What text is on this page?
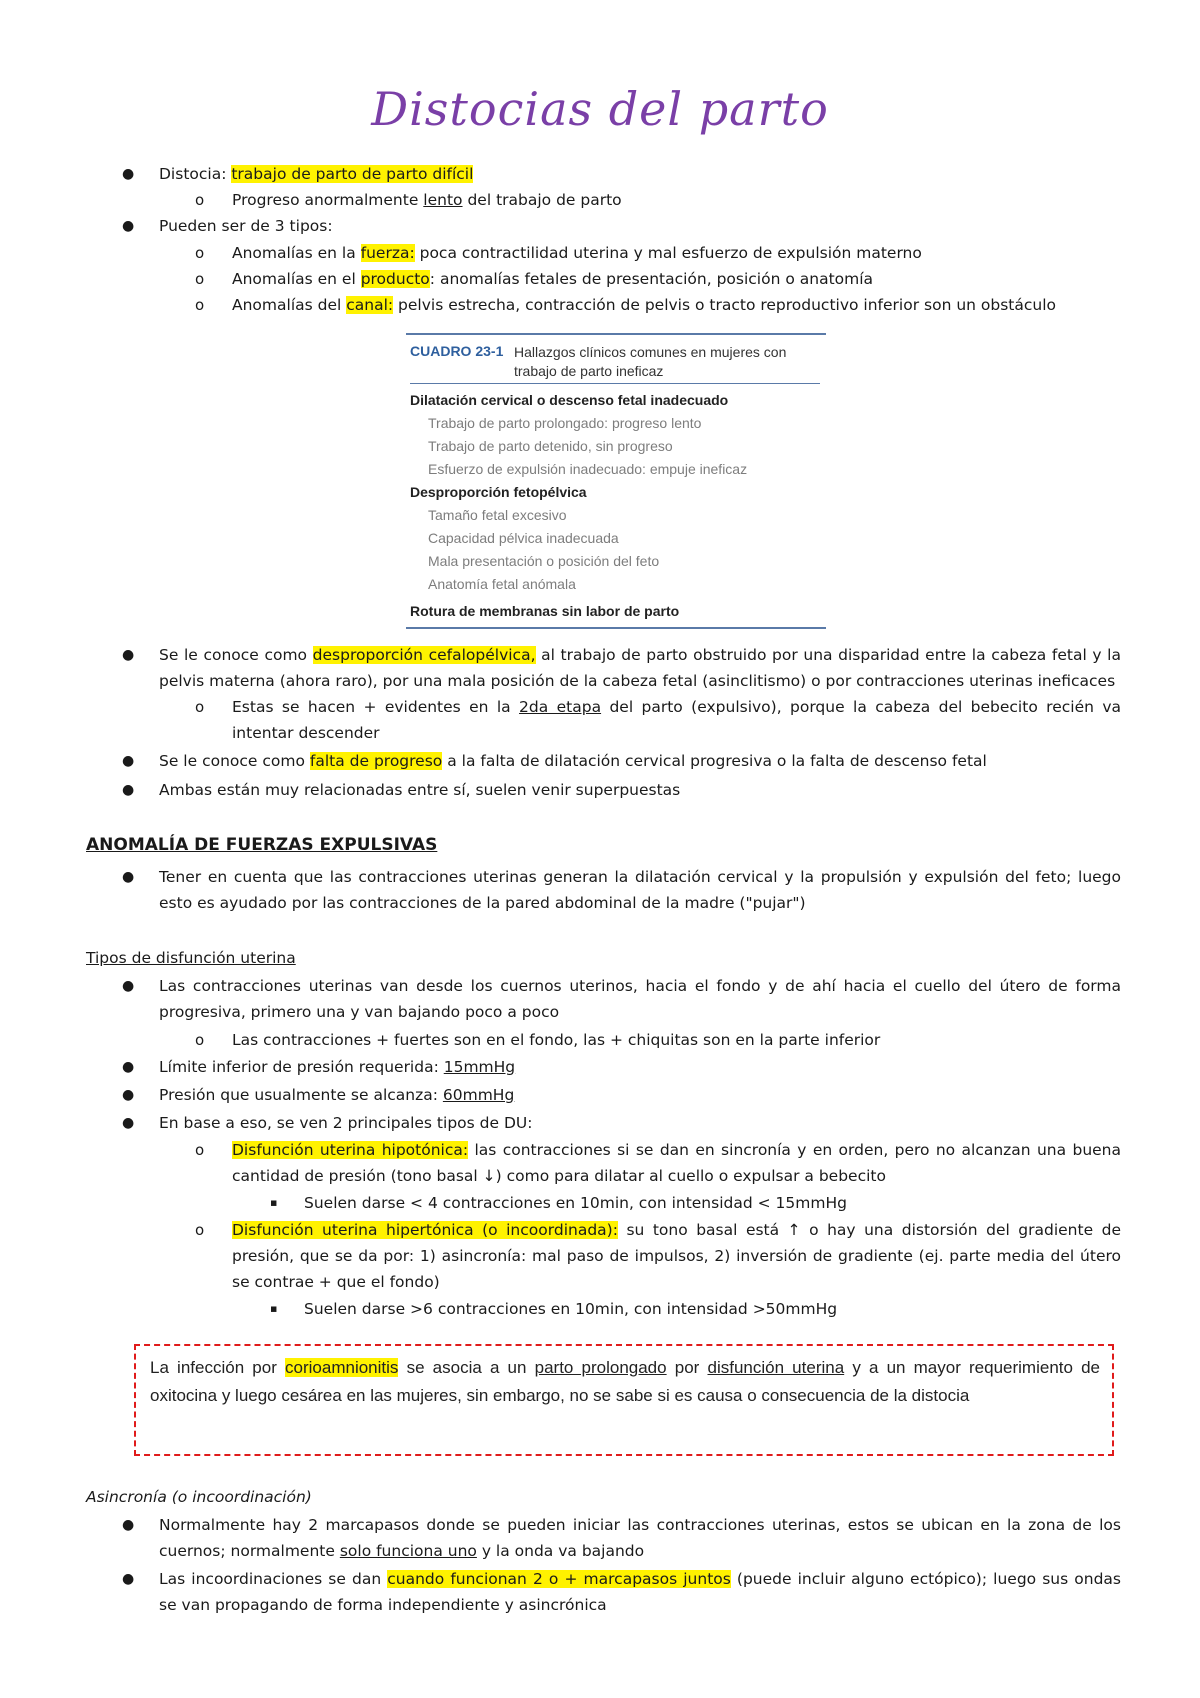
Distocias del parto
● Distocia: trabajo de parto de parto difícil
o Progreso anormalmente lento del trabajo de parto
● Pueden ser de 3 tipos:
o Anomalías en la fuerza: poca contractilidad uterina y mal esfuerzo de expulsión materno
o Anomalías en el producto: anomalías fetales de presentación, posición o anatomía
o Anomalías del canal: pelvis estrecha, contracción de pelvis o tracto reproductivo inferior son un obstáculo
CUADRO 23-1 Hallazgos clínicos comunes en mujeres con trabajo de parto ineficaz
Dilatación cervical o descenso fetal inadecuado
Trabajo de parto prolongado: progreso lento
Trabajo de parto detenido, sin progreso
Esfuerzo de expulsión inadecuado: empuje ineficaz
Desproporción fetopélvica
Tamaño fetal excesivo
Capacidad pélvica inadecuada
Mala presentación o posición del feto
Anatomía fetal anómala
Rotura de membranas sin labor de parto
● Se le conoce como desproporción cefalopélvica, al trabajo de parto obstruido por una disparidad entre la cabeza fetal y la pelvis materna (ahora raro), por una mala posición de la cabeza fetal (asinclitismo) o por contracciones uterinas ineficaces
o Estas se hacen + evidentes en la 2da etapa del parto (expulsivo), porque la cabeza del bebecito recién va intentar descender
● Se le conoce como falta de progreso a la falta de dilatación cervical progresiva o la falta de descenso fetal
● Ambas están muy relacionadas entre sí, suelen venir superpuestas
ANOMALÍA DE FUERZAS EXPULSIVAS
● Tener en cuenta que las contracciones uterinas generan la dilatación cervical y la propulsión y expulsión del feto; luego esto es ayudado por las contracciones de la pared abdominal de la madre ("pujar")
Tipos de disfunción uterina
● Las contracciones uterinas van desde los cuernos uterinos, hacia el fondo y de ahí hacia el cuello del útero de forma progresiva, primero una y van bajando poco a poco
o Las contracciones + fuertes son en el fondo, las + chiquitas son en la parte inferior
● Límite inferior de presión requerida: 15mmHg
● Presión que usualmente se alcanza: 60mmHg
● En base a eso, se ven 2 principales tipos de DU:
o Disfunción uterina hipotónica: las contracciones si se dan en sincronía y en orden, pero no alcanzan una buena cantidad de presión (tono basal ↓) como para dilatar al cuello o expulsar a bebecito
▪ Suelen darse < 4 contracciones en 10min, con intensidad < 15mmHg
o Disfunción uterina hipertónica (o incoordinada): su tono basal está ↑ o hay una distorsión del gradiente de presión, que se da por: 1) asincronía: mal paso de impulsos, 2) inversión de gradiente (ej. parte media del útero se contrae + que el fondo)
▪ Suelen darse >6 contracciones en 10min, con intensidad >50mmHg
La infección por corioamnionitis se asocia a un parto prolongado por disfunción uterina y a un mayor requerimiento de oxitocina y luego cesárea en las mujeres, sin embargo, no se sabe si es causa o consecuencia de la distocia
Asincronía (o incoordinación)
● Normalmente hay 2 marcapasos donde se pueden iniciar las contracciones uterinas, estos se ubican en la zona de los cuernos; normalmente solo funciona uno y la onda va bajando
● Las incoordinaciones se dan cuando funcionan 2 o + marcapasos juntos (puede incluir alguno ectópico); luego sus ondas se van propagando de forma independiente y asincrónica
